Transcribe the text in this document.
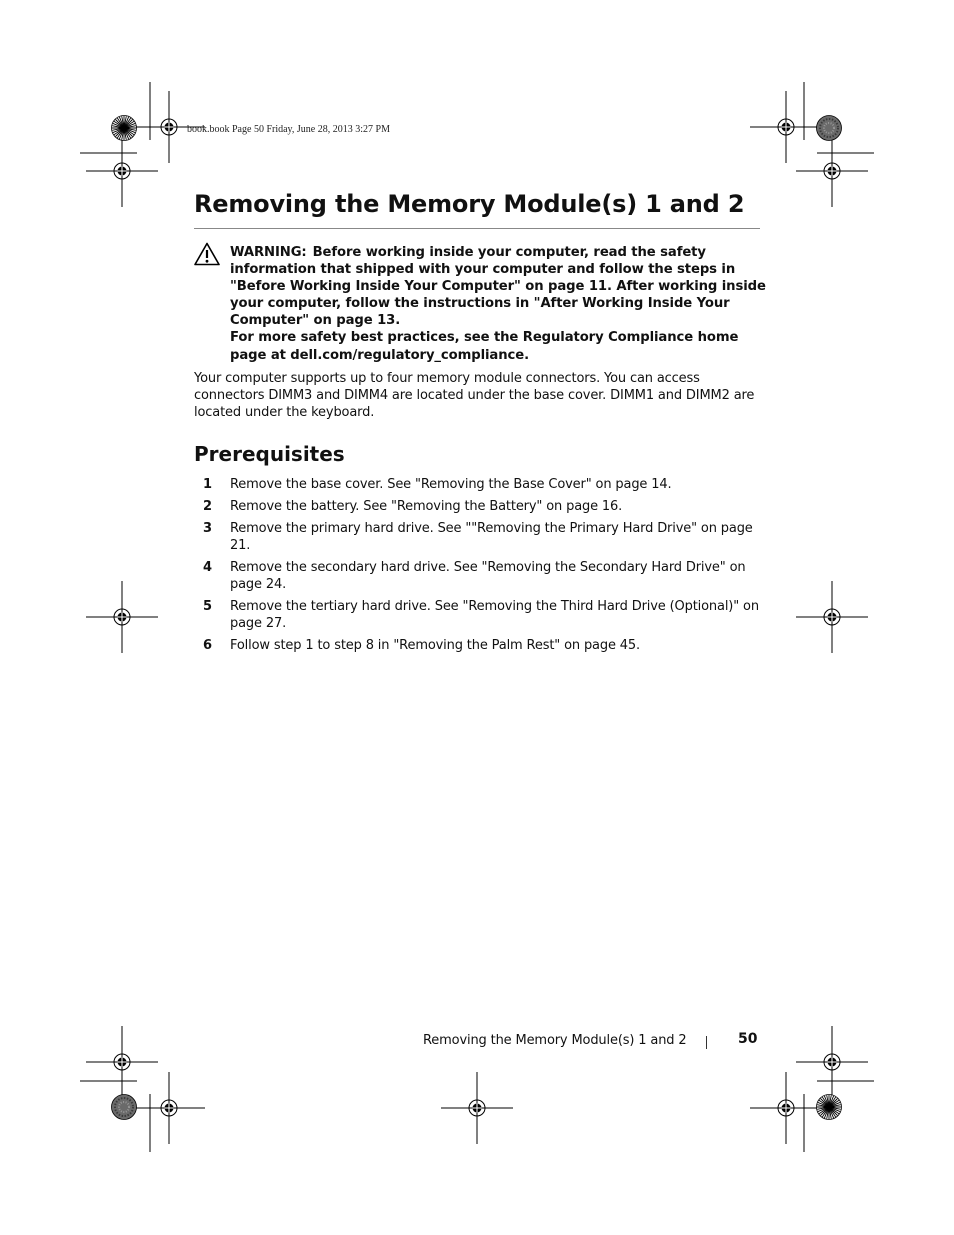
book.book Page 50 Friday, June 28, 2013 3:27 PM
Removing the Memory Module(s) 1 and 2
WARNING: Before working inside your computer, read the safety information that shipped with your computer and follow the steps in "Before Working Inside Your Computer" on page 11. After working inside your computer, follow the instructions in "After Working Inside Your Computer" on page 13.
For more safety best practices, see the Regulatory Compliance home page at dell.com/regulatory_compliance.

Your computer supports up to four memory module connectors. You can access connectors DIMM3 and DIMM4 are located under the base cover. DIMM1 and DIMM2 are located under the keyboard.

Prerequisites
1 Remove the base cover. See "Removing the Base Cover" on page 14.
2 Remove the battery. See "Removing the Battery" on page 16.
3 Remove the primary hard drive. See ""Removing the Primary Hard Drive" on page 21.
4 Remove the secondary hard drive. See "Removing the Secondary Hard Drive" on page 24.
5 Remove the tertiary hard drive. See "Removing the Third Hard Drive (Optional)" on page 27.
6 Follow step 1 to step 8 in "Removing the Palm Rest" on page 45.
Removing the Memory Module(s) 1 and 2	50
